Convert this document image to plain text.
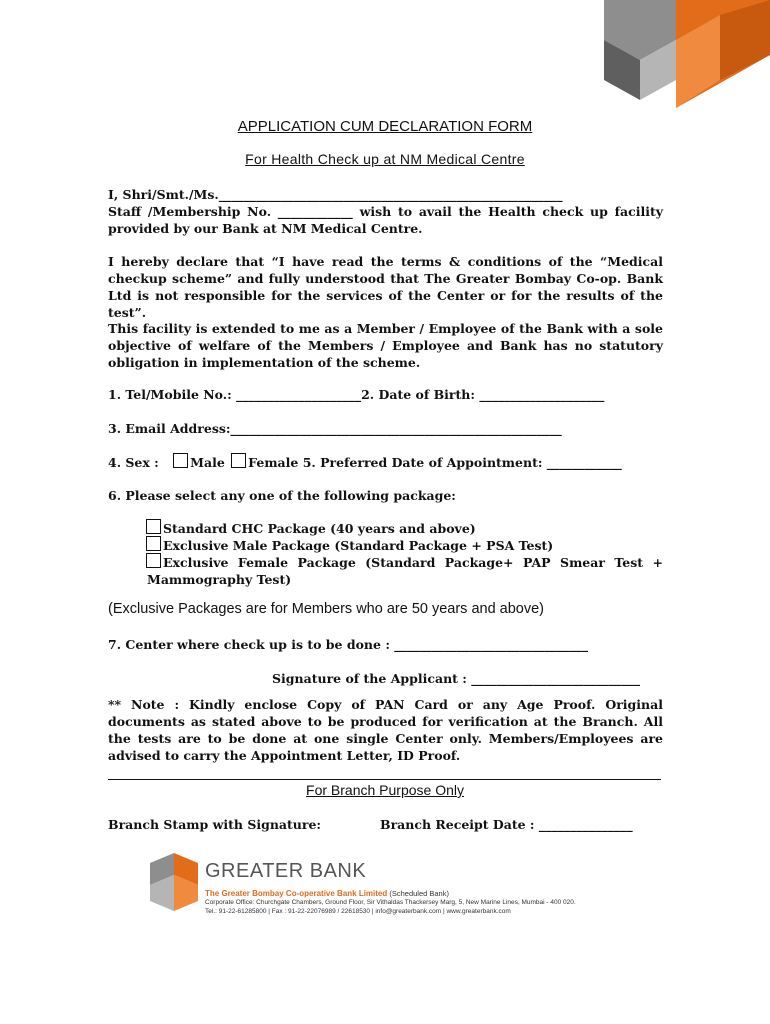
APPLICATION CUM DECLARATION FORM
For Health Check up at NM Medical Centre
I, Shri/Smt./Ms._______________________________________________________
Staff /Membership No. ____________ wish to avail the Health check up facility provided by our Bank at NM Medical Centre.
I hereby declare that “I have read the terms & conditions of the “Medical checkup scheme” and fully understood that The Greater Bombay Co-op. Bank Ltd is not responsible for the services of the Center or for the results of the test”.
This facility is extended to me as a Member / Employee of the Bank with a sole objective of welfare of the Members / Employee and Bank has no statutory obligation in implementation of the scheme.
1. Tel/Mobile No.: ____________________2. Date of Birth: ____________________
3. Email Address:_____________________________________________________
4. Sex :	Male Female 5. Preferred Date of Appointment: ____________
6. Please select any one of the following package:
Standard CHC Package (40 years and above)
Exclusive Male Package (Standard Package + PSA Test)
Exclusive Female Package (Standard Package+ PAP Smear Test + Mammography Test)
(Exclusive Packages are for Members who are 50 years and above)
7. Center where check up is to be done : _______________________________
Signature of the Applicant : ___________________________
** Note : Kindly enclose Copy of PAN Card or any Age Proof. Original documents as stated above to be produced for verification at the Branch. All the tests are to be done at one single Center only. Members/Employees are advised to carry the Appointment Letter, ID Proof.
For Branch Purpose Only
Branch Stamp with Signature:	Branch Receipt Date : _______________
GREATER BANK
The Greater Bombay Co-operative Bank Limited (Scheduled Bank)
Corporate Office: Churchgate Chambers, Ground Floor, Sir Vithaldas Thackersey Marg, 5, New Marine Lines, Mumbai - 400 020.
Tel.: 91-22-61285800 | Fax : 91-22-22076989 / 22618530 | info@greaterbank.com | www.greaterbank.com
